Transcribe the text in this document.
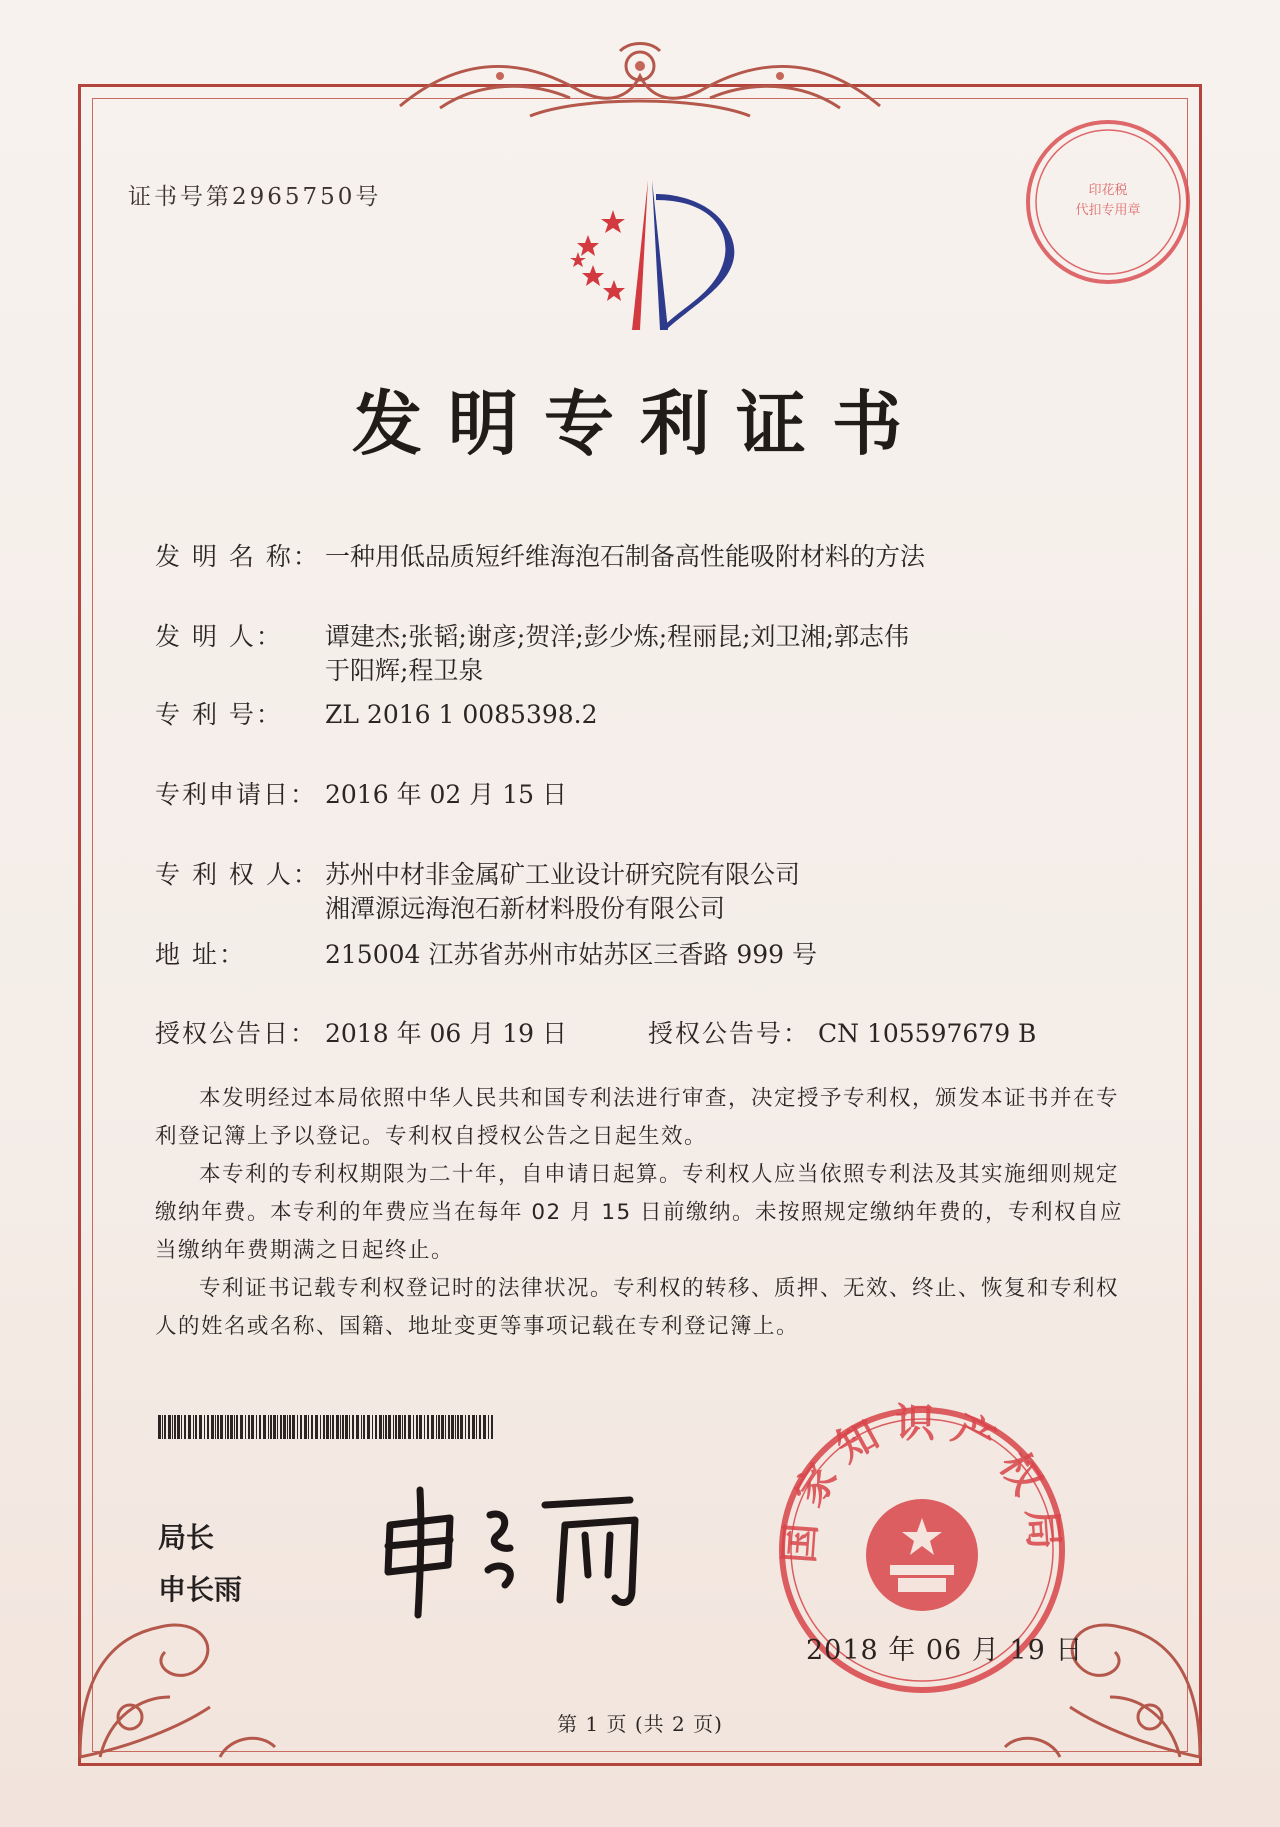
证书号第2965750号
发明专利证书
发 明 名 称： 一种用低品质短纤维海泡石制备高性能吸附材料的方法
发 明 人： 谭建杰;张韬;谢彦;贺洋;彭少炼;程丽昆;刘卫湘;郭志伟
于阳辉;程卫泉
专 利 号： ZL 2016 1 0085398.2
专利申请日： 2016 年 02 月 15 日
专 利 权 人： 苏州中材非金属矿工业设计研究院有限公司
湘潭源远海泡石新材料股份有限公司
地 址：	215004 江苏省苏州市姑苏区三香路 999 号
授权公告日： 2018 年 06 月 19 日	授权公告号： CN 105597679 B

本发明经过本局依照中华人民共和国专利法进行审查，决定授予专利权，颁发本证书并在专利登记簿上予以登记。专利权自授权公告之日起生效。

本专利的专利权期限为二十年，自申请日起算。专利权人应当依照专利法及其实施细则规定缴纳年费。本专利的年费应当在每年 02 月 15 日前缴纳。未按照规定缴纳年费的，专利权自应当缴纳年费期满之日起终止。

专利证书记载专利权登记时的法律状况。专利权的转移、质押、无效、终止、恢复和专利权人的姓名或名称、国籍、地址变更等事项记载在专利登记簿上。

局长
申长雨
印花税
代扣专用章
国家知识产权局
2018 年 06 月 19 日
第 1 页 (共 2 页)
